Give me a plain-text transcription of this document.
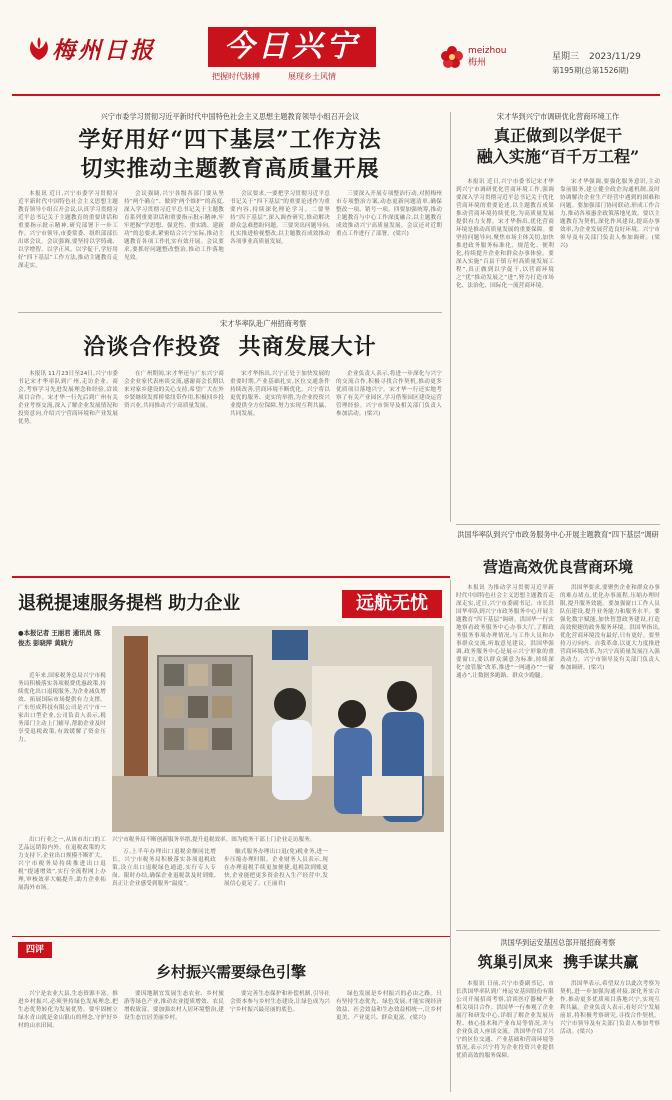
梅州日报	今日兴宁
把握时代脉搏	展现乡土风情
meizhou
梅州
星期三 2023/11/29
第195期(总第1526期)
兴宁市委学习贯彻习近平新时代中国特色社会主义思想主题教育领导小组召开会议
学好用好“四下基层”工作方法
切实推动主题教育高质量开展

本报讯 近日,兴宁市委学习贯彻习近平新时代中国特色社会主义思想主题教育领导小组召开会议,认真学习贯彻习近平总书记关于主题教育的重要讲话和重要指示批示精神,研究部署下一步工作。兴宁市领导,市委常委、组织部部长出席会议。会议强调,要坚持以学铸魂、以学增智、以学正风、以学促干,学好用好“四下基层”工作方法,推动主题教育走深走实。

会议强调,兴宁各级各部门要从坚持“两个确立”、做到“两个维护”的高度,深入学习贯彻习近平总书记关于主题教育系列重要讲话和重要指示批示精神,牢牢把握“学思想、强党性、重实践、建新功”的总要求,紧密结合兴宁实际,推动主题教育各项工作扎实有效开展。会议要求,要抓好问题整改整治,推动工作落地见效。

会议要求,一要把学习贯彻习近平总书记关于“四下基层”的重要论述作为重要内容,持续深化理论学习。二要坚持“四下基层”,深入调查研究,推动解决群众急难愁盼问题。三要突出问题导向,扎实推进检视整改,以主题教育成效推动各项事业高质量发展。

三要深入开展专项整治行动,对照梅州市专项整治方案,动态更新问题清单,确保整改一项、销号一项。四要加强统筹,推动主题教育与中心工作深度融合,以主题教育成效推动兴宁高质量发展。会议还对近期重点工作进行了部署。(梁兴)

宋才华率队赴广州招商考察
洽谈合作投资  共商发展大计

本报讯 11月23日至24日,兴宁市委书记宋才华率队到广州,走访企业、商会,考察学习先进发展理念和经验,洽谈项目合作。宋才华一行先后到广州有关企业考察交流,深入了解企业发展情况和投资意向,介绍兴宁营商环境和产业发展优势。

在广州期间,宋才华还与广东兴宁商会企业家代表座谈交流,感谢商会长期以来对家乡建设的关心支持,希望广大在外乡贤继续发挥桥梁纽带作用,积极回乡投资兴业,共同推动兴宁高质量发展。

宋才华指出,兴宁正处于加快发展的重要时期,产业基础扎实,区位交通条件持续改善,营商环境不断优化。兴宁将以更优的服务、更实的举措,为企业投资兴业提供全方位保障,努力实现互利共赢、共同发展。

企业负责人表示,将进一步深化与兴宁的交流合作,积极寻找合作契机,推动更多优质项目落地兴宁。宋才华一行还实地考察了有关产业园区,学习借鉴园区建设运营管理经验。兴宁市领导及相关部门负责人参加活动。(梁兴)

宋才华到兴宁市调研优化营商环境工作
真正做到以学促干
融入实施“百千万工程”

本报讯 近日,兴宁市委书记宋才华到兴宁市调研优化营商环境工作,强调要深入学习贯彻习近平总书记关于优化营商环境的重要论述,以主题教育成果推动营商环境持续优化,为高质量发展提供有力支撑。宋才华指出,优化营商环境是推动高质量发展的重要保障。要坚持问题导向,聚焦市场主体关切,加快推进政务服务标准化、规范化、便利化,持续提升企业和群众办事体验。要深入实施“百县千镇万村高质量发展工程”,真正做到以学促干,以营商环境之“优”推动发展之“进”,努力打造市场化、法治化、国际化一流营商环境。

宋才华强调,要强化服务意识,主动靠前服务,建立健全政企沟通机制,及时协调解决企业生产经营中遇到的困难和问题。要加强部门协同联动,形成工作合力,推动各项惠企政策落地见效。要以主题教育为契机,深化作风建设,提高办事效率,为企业发展营造良好环境。兴宁市领导及有关部门负责人参加调研。(梁兴)

洪国华率队到兴宁市政务服务中心开展主题教育“四下基层”调研
营造高效优良营商环境

本报讯 为推动学习贯彻习近平新时代中国特色社会主义思想主题教育走深走实,近日,兴宁市委副书记、市长洪国华率队到兴宁市政务服务中心开展主题教育“四下基层”调研。洪国华一行实地察看政务服务中心办事大厅,了解政务服务事项办理情况,与工作人员和办事群众交流,听取意见建议。洪国华强调,政务服务中心是展示兴宁形象的重要窗口,要以群众满意为标准,持续深化“放管服”改革,推进“一网通办”“一窗通办”,让数据多跑路、群众少跑腿。

洪国华要求,要聚焦企业和群众办事的难点堵点,优化办事流程,压缩办理时限,提升服务效能。要加强窗口工作人员队伍建设,提升业务能力和服务水平。要强化数字赋能,加快智慧政务建设,打造高效便捷的政务服务环境。洪国华指出,优化营商环境没有最好,只有更好。要坚持刀刃向内、自我革命,以更大力度推进营商环境改革,为兴宁高质量发展注入强劲动力。兴宁市领导及有关部门负责人参加调研。(梁兴)

退税提速服务提档 助力企业	远航无忧
●本报记者 王丽君 通讯员 陈俊杰 彭晓萍 黄晓方

近年来,国家税务总局兴宁市税务局积极落实各项税费优惠政策,持续优化出口退税服务,为企业减负增效、拓展国际市场提供有力支撑。广东恒成科技有限公司是兴宁市一家出口型企业,公司负责人表示,税务部门主动上门辅导,帮助企业及时享受退税政策,有效缓解了资金压力。

兴宁市税务局不断创新服务举措,提升退税效率。图为税务干部上门企业走访服务。

出口行业之一,从该市出口的工艺品远销海内外。在退税政策的大力支持下,企业出口规模不断扩大。兴宁市税务局持续推进出口退税“提速增效”,实行全流程网上办理,审核效率大幅提升,助力企业拓展海外市场。

万,上半年办理出口退税金额同比增长。兴宁市税务局积极落实各项退税政策,设立出口退税绿色通道,实行专人专岗、限时办结,确保企业退税款及时到账,真正让企业感受到服务“温度”。

触式服务办理出口退(免)税业务,进一步压缩办理时限。企业财务人员表示,现在办理退税手续更加便捷,退税款到账更快,企业能把更多资金投入生产经营中,发展信心更足了。(王丽君)

四评
乡村振兴需要绿色引擎

兴宁是农业大县,生态资源丰富。推进乡村振兴,必须坚持绿色发展理念,把生态优势转化为发展优势。要牢固树立绿水青山就是金山银山的理念,守护好乡村的山水田园。

要因地制宜发展生态农业、乡村旅游等绿色产业,推动农业提质增效、农民增收致富。要加强农村人居环境整治,建设生态宜居美丽乡村。

要完善生态保护和补偿机制,引导社会资本参与乡村生态建设,让绿色成为兴宁乡村振兴最亮丽的底色。

绿色发展是乡村振兴的必由之路。只有坚持生态优先、绿色发展,才能实现经济效益、社会效益和生态效益相统一,让乡村更美、产业更兴、群众更富。(梁兴)

洪国华到运安基因总部开展招商考察
筑巢引凤来  携手谋共赢

本报讯 日前,兴宁市委副书记、市长洪国华率队到广州运安基因股份有限公司开展招商考察,洽谈医疗器械产业相关项目合作。洪国华一行参观了企业展厅和研发中心,详细了解企业发展历程、核心技术和产业布局等情况,并与企业负责人座谈交流。洪国华介绍了兴宁的区位交通、产业基础和营商环境等情况,表示兴宁将为企业投资兴业提供优质高效的服务保障。

洪国华表示,希望双方以此次考察为契机,进一步加强沟通对接,深化务实合作,推动更多优质项目落地兴宁,实现互利共赢。企业负责人表示,看好兴宁发展前景,将积极考察研究,寻找合作契机。兴宁市领导及有关部门负责人参加考察活动。(梁兴)
